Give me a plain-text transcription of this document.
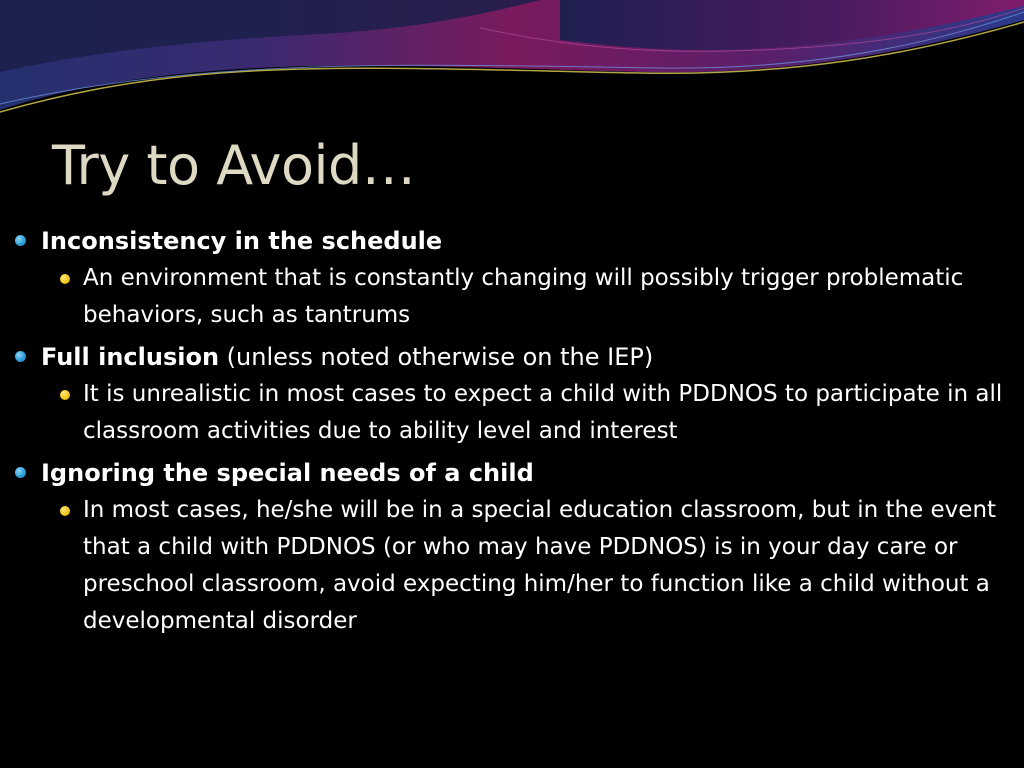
Try to Avoid…

Inconsistency in the schedule

An environment that is constantly changing will possibly trigger problematic behaviors, such as tantrums

Full inclusion (unless noted otherwise on the IEP)

It is unrealistic in most cases to expect a child with PDDNOS to participate in all classroom activities due to ability level and interest

Ignoring the special needs of a child

In most cases, he/she will be in a special education classroom, but in the event that a child with PDDNOS (or who may have PDDNOS) is in your day care or preschool classroom, avoid expecting him/her to function like a child without a developmental disorder
